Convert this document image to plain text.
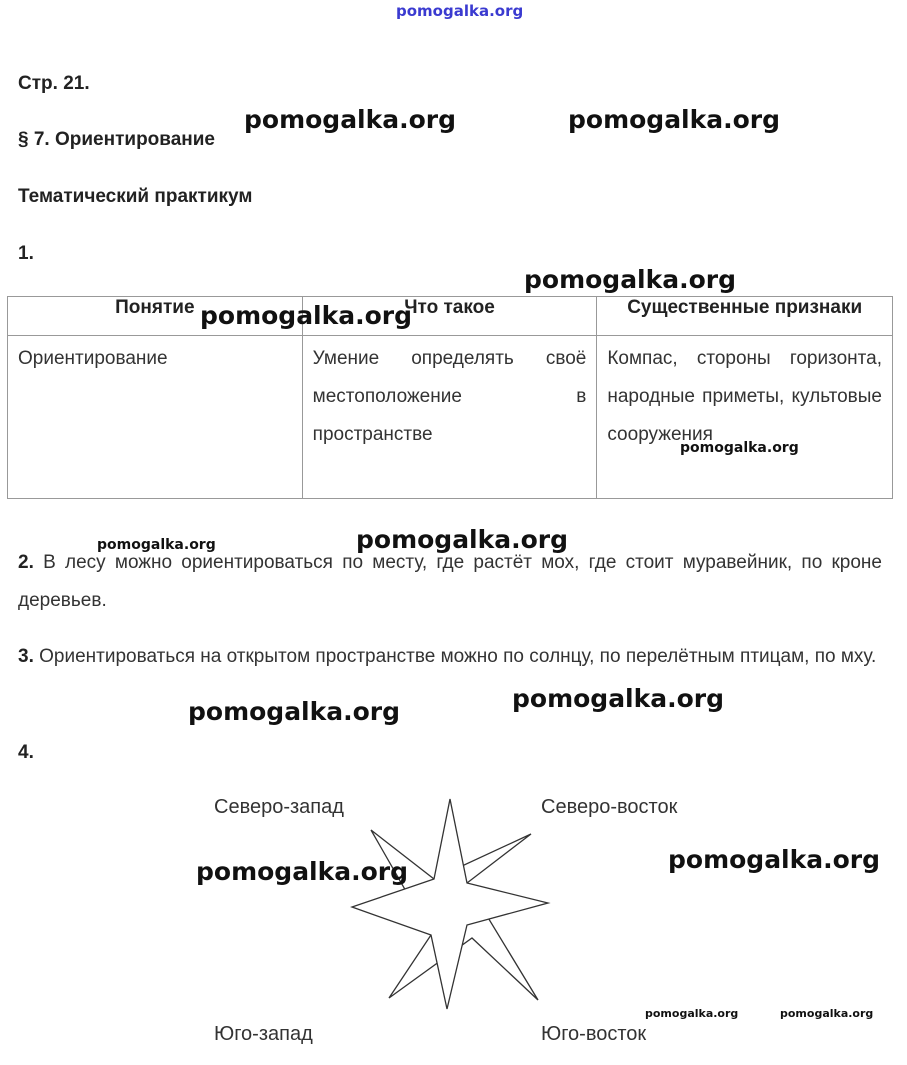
pomogalka.org
Стр. 21.
§ 7. Ориентирование
Тематический практикум
1.
Понятие	Что такое	Существенные признаки
Ориентирование	Умение определять своё местоположение в пространстве	Компас, стороны горизонта, народные приметы, культовые сооружения
2. В лесу можно ориентироваться по месту, где растёт мох, где стоит муравейник, по кроне деревьев.
3. Ориентироваться на открытом пространстве можно по солнцу, по перелётным птицам, по мху.
4.
Северо-запад	Северо-восток
Юго-запад	Юго-восток
pomogalka.org	pomogalka.org
pomogalka.org
pomogalka.org
pomogalka.org
pomogalka.org	pomogalka.org
pomogalka.org	pomogalka.org
pomogalka.org	pomogalka.org
pomogalka.org	pomogalka.org
